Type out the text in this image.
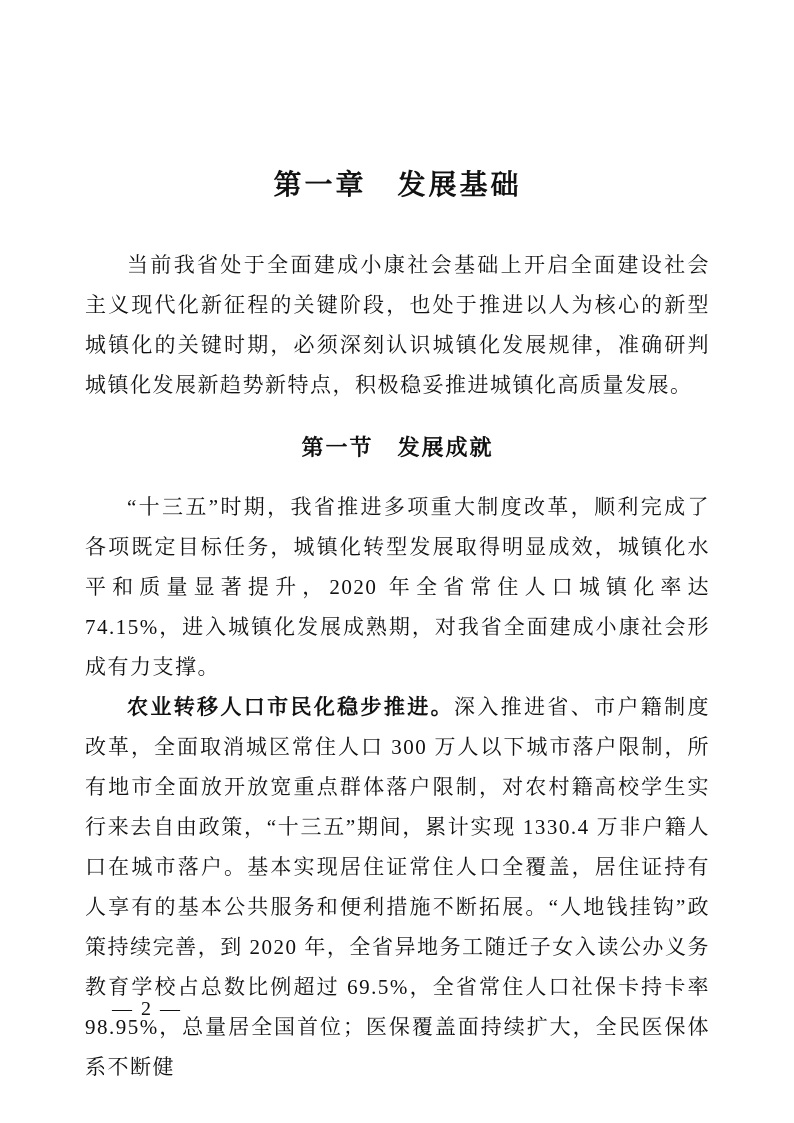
第一章　发展基础

当前我省处于全面建成小康社会基础上开启全面建设社会主义现代化新征程的关键阶段，也处于推进以人为核心的新型城镇化的关键时期，必须深刻认识城镇化发展规律，准确研判城镇化发展新趋势新特点，积极稳妥推进城镇化高质量发展。

第一节　发展成就

“十三五”时期，我省推进多项重大制度改革，顺利完成了各项既定目标任务，城镇化转型发展取得明显成效，城镇化水平和质量显著提升，2020 年全省常住人口城镇化率达 74.15%，进入城镇化发展成熟期，对我省全面建成小康社会形成有力支撑。

农业转移人口市民化稳步推进。深入推进省、市户籍制度改革，全面取消城区常住人口 300 万人以下城市落户限制，所有地市全面放开放宽重点群体落户限制，对农村籍高校学生实行来去自由政策，“十三五”期间，累计实现 1330.4 万非户籍人口在城市落户。基本实现居住证常住人口全覆盖，居住证持有人享有的基本公共服务和便利措施不断拓展。“人地钱挂钩”政策持续完善，到 2020 年，全省异地务工随迁子女入读公办义务教育学校占总数比例超过 69.5%，全省常住人口社保卡持卡率 98.95%，总量居全国首位；医保覆盖面持续扩大，全民医保体系不断健

— 2 —
